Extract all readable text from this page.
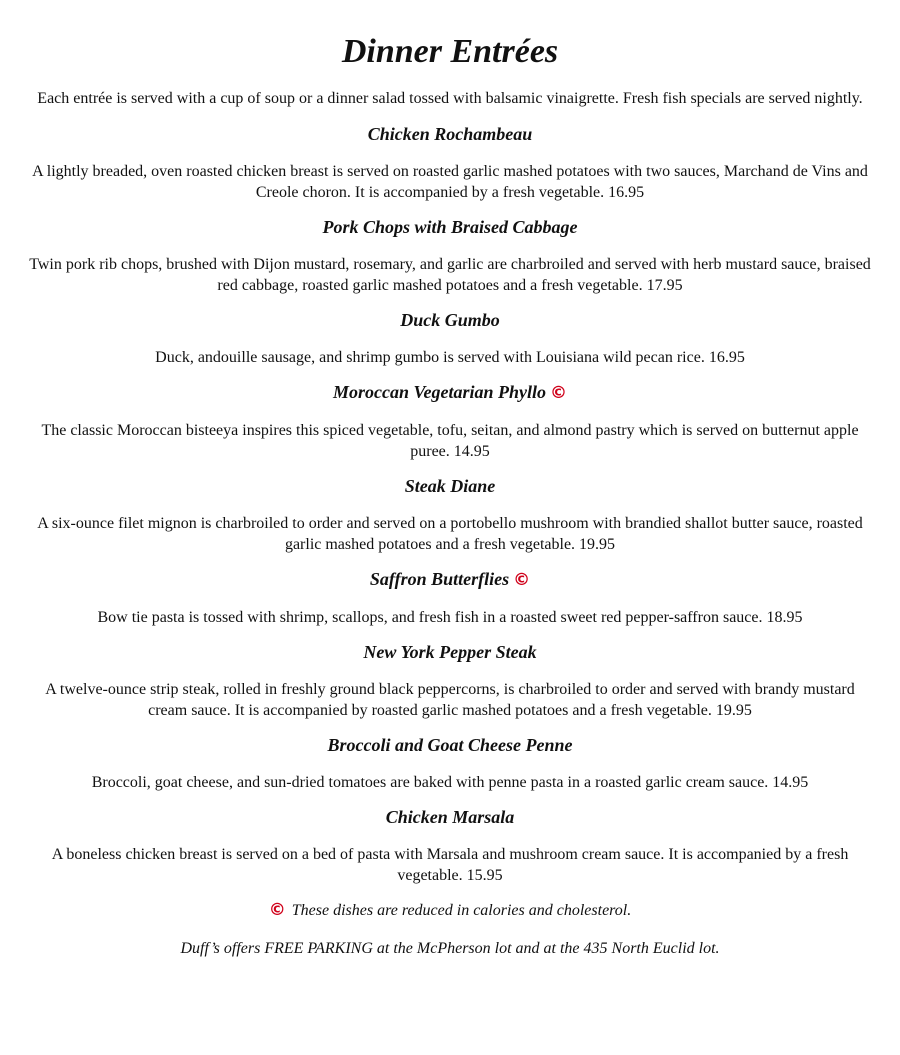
Dinner Entrées

Each entrée is served with a cup of soup or a dinner salad tossed with balsamic vinaigrette. Fresh fish specials are served nightly.

Chicken Rochambeau
A lightly breaded, oven roasted chicken breast is served on roasted garlic mashed potatoes with two sauces, Marchand de Vins and Creole choron. It is accompanied by a fresh vegetable. 16.95
Pork Chops with Braised Cabbage
Twin pork rib chops, brushed with Dijon mustard, rosemary, and garlic are charbroiled and served with herb mustard sauce, braised red cabbage, roasted garlic mashed potatoes and a fresh vegetable. 17.95
Duck Gumbo
Duck, andouille sausage, and shrimp gumbo is served with Louisiana wild pecan rice. 16.95
Moroccan Vegetarian Phyllo ©
The classic Moroccan bisteeya inspires this spiced vegetable, tofu, seitan, and almond pastry which is served on butternut apple puree. 14.95
Steak Diane
A six-ounce filet mignon is charbroiled to order and served on a portobello mushroom with brandied shallot butter sauce, roasted garlic mashed potatoes and a fresh vegetable. 19.95
Saffron Butterflies ©
Bow tie pasta is tossed with shrimp, scallops, and fresh fish in a roasted sweet red pepper-saffron sauce. 18.95
New York Pepper Steak
A twelve-ounce strip steak, rolled in freshly ground black peppercorns, is charbroiled to order and served with brandy mustard cream sauce. It is accompanied by roasted garlic mashed potatoes and a fresh vegetable. 19.95
Broccoli and Goat Cheese Penne
Broccoli, goat cheese, and sun-dried tomatoes are baked with penne pasta in a roasted garlic cream sauce. 14.95
Chicken Marsala
A boneless chicken breast is served on a bed of pasta with Marsala and mushroom cream sauce. It is accompanied by a fresh vegetable. 15.95

© These dishes are reduced in calories and cholesterol.

Duff’s offers FREE PARKING at the McPherson lot and at the 435 North Euclid lot.
